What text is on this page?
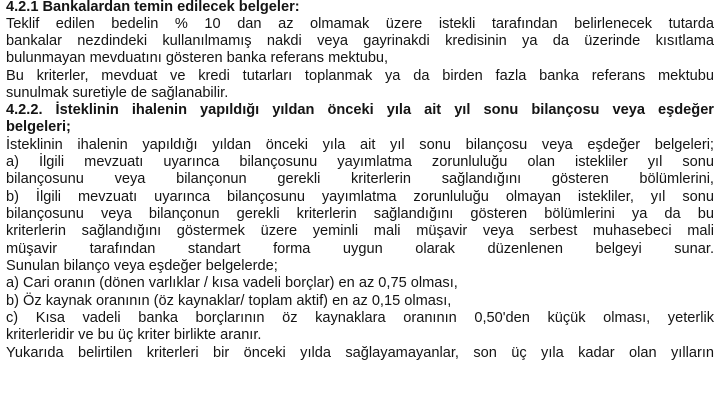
4.2.1 Bankalardan temin edilecek belgeler:
Teklif edilen bedelin % 10 dan az olmamak üzere istekli tarafından belirlenecek tutarda
bankalar nezdindeki kullanılmamış nakdi veya gayrinakdi kredisinin ya da üzerinde kısıtlama
bulunmayan mevduatını gösteren banka referans mektubu,
Bu kriterler, mevduat ve kredi tutarları toplanmak ya da birden fazla banka referans mektubu
sunulmak suretiyle de sağlanabilir.
4.2.2. İsteklinin ihalenin yapıldığı yıldan önceki yıla ait yıl sonu bilançosu veya eşdeğer
belgeleri;
İsteklinin ihalenin yapıldığı yıldan önceki yıla ait yıl sonu bilançosu veya eşdeğer belgeleri;
a) İlgili mevzuatı uyarınca bilançosunu yayımlatma zorunluluğu olan istekliler yıl sonu
bilançosunu veya bilançonun gerekli kriterlerin sağlandığını gösteren bölümlerini,
b) İlgili mevzuatı uyarınca bilançosunu yayımlatma zorunluluğu olmayan istekliler, yıl sonu
bilançosunu veya bilançonun gerekli kriterlerin sağlandığını gösteren bölümlerini ya da bu
kriterlerin sağlandığını göstermek üzere yeminli mali müşavir veya serbest muhasebeci mali
müşavir tarafından standart forma uygun olarak düzenlenen belgeyi sunar.
Sunulan bilanço veya eşdeğer belgelerde;
a) Cari oranın (dönen varlıklar / kısa vadeli borçlar) en az 0,75 olması,
b) Öz kaynak oranının (öz kaynaklar/ toplam aktif) en az 0,15 olması,
c) Kısa vadeli banka borçlarının öz kaynaklara oranının 0,50'den küçük olması, yeterlik
kriterleridir ve bu üç kriter birlikte aranır.
Yukarıda belirtilen kriterleri bir önceki yılda sağlayamayanlar, son üç yıla kadar olan yılların
